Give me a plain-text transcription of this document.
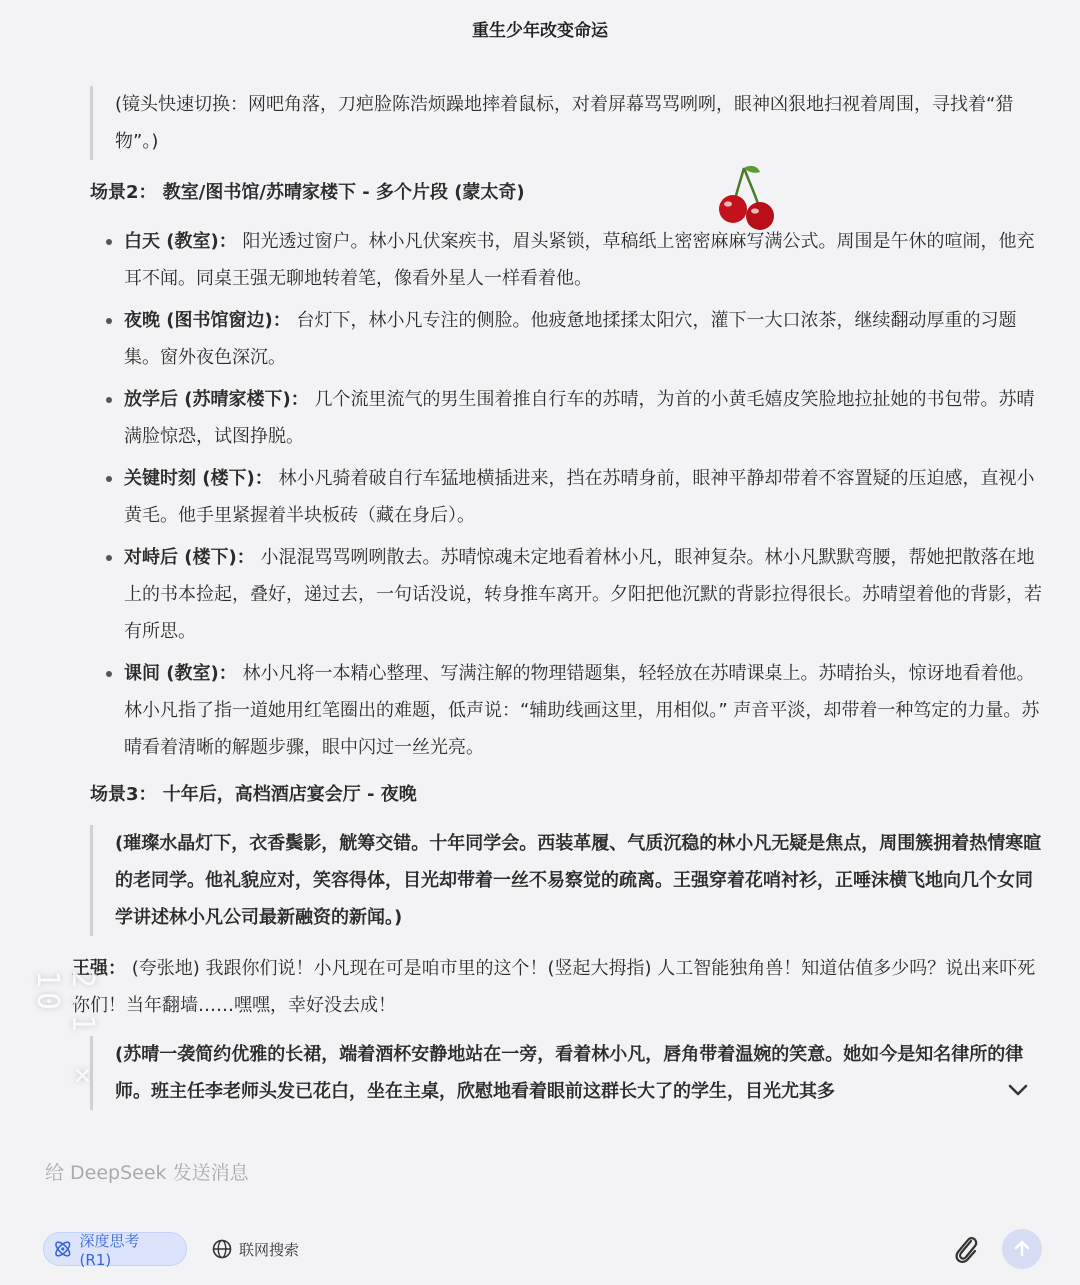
重生少年改变命运
(镜头快速切换：网吧角落，刀疤脸陈浩烦躁地摔着鼠标，对着屏幕骂骂咧咧，眼神凶狠地扫视着周围，寻找着“猎物”。)
场景2： 教室/图书馆/苏晴家楼下 - 多个片段 (蒙太奇)
白天 (教室)： 阳光透过窗户。林小凡伏案疾书，眉头紧锁，草稿纸上密密麻麻写满公式。周围是午休的喧闹，他充耳不闻。同桌王强无聊地转着笔，像看外星人一样看着他。
夜晚 (图书馆窗边)： 台灯下，林小凡专注的侧脸。他疲惫地揉揉太阳穴，灌下一大口浓茶，继续翻动厚重的习题集。窗外夜色深沉。
放学后 (苏晴家楼下)： 几个流里流气的男生围着推自行车的苏晴，为首的小黄毛嬉皮笑脸地拉扯她的书包带。苏晴满脸惊恐，试图挣脱。
关键时刻 (楼下)： 林小凡骑着破自行车猛地横插进来，挡在苏晴身前，眼神平静却带着不容置疑的压迫感，直视小黄毛。他手里紧握着半块板砖（藏在身后）。
对峙后 (楼下)： 小混混骂骂咧咧散去。苏晴惊魂未定地看着林小凡，眼神复杂。林小凡默默弯腰，帮她把散落在地上的书本捡起，叠好，递过去，一句话没说，转身推车离开。夕阳把他沉默的背影拉得很长。苏晴望着他的背影，若有所思。
课间 (教室)： 林小凡将一本精心整理、写满注解的物理错题集，轻轻放在苏晴课桌上。苏晴抬头，惊讶地看着他。林小凡指了指一道她用红笔圈出的难题，低声说：“辅助线画这里，用相似。” 声音平淡，却带着一种笃定的力量。苏晴看着清晰的解题步骤，眼中闪过一丝光亮。
场景3： 十年后，高档酒店宴会厅 - 夜晚
(璀璨水晶灯下，衣香鬓影，觥筹交错。十年同学会。西装革履、气质沉稳的林小凡无疑是焦点，周围簇拥着热情寒暄的老同学。他礼貌应对，笑容得体，目光却带着一丝不易察觉的疏离。王强穿着花哨衬衫，正唾沫横飞地向几个女同学讲述林小凡公司最新融资的新闻。)
王强： (夸张地) 我跟你们说！小凡现在可是咱市里的这个！(竖起大拇指) 人工智能独角兽！知道估值多少吗？说出来吓死你们！当年翻墙……嘿嘿，幸好没去成！
(苏晴一袭简约优雅的长裙，端着酒杯安静地站在一旁，看着林小凡，唇角带着温婉的笑意。她如今是知名律所的律师。班主任李老师头发已花白，坐在主桌，欣慰地看着眼前这群长大了的学生，目光尤其多
2.1 × 10
给 DeepSeek 发送消息
深度思考 (R1)
联网搜索
